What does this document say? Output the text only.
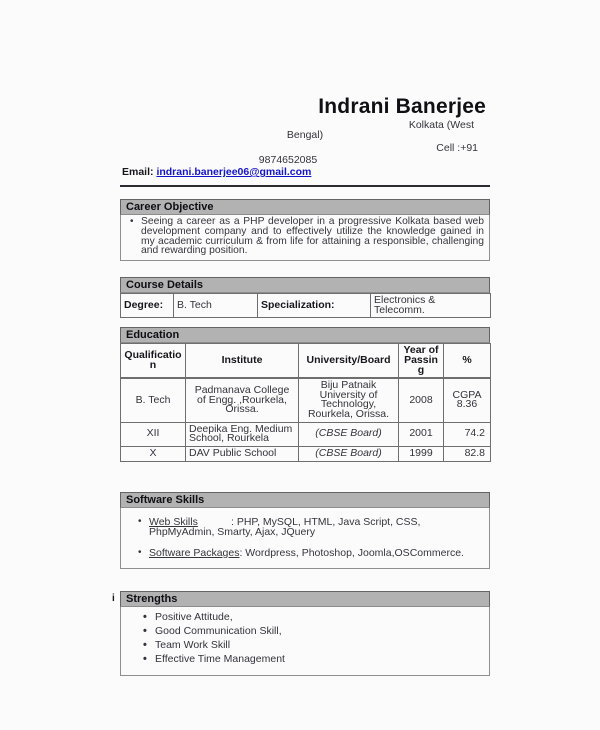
Indrani Banerjee
Kolkata (West
Bengal)
Cell :+91
9874652085
Email: indrani.banerjee06@gmail.com
Career Objective
• Seeing a career as a PHP developer in a progressive Kolkata based web development company and to effectively utilize the knowledge gained in my academic curriculum & from life for attaining a responsible, challenging and rewarding position.
Course Details
Degree:	B. Tech	Specialization:	Electronics & Telecomm.
Education
Qualification	Institute	University/Board	Year of Passing	%
B. Tech	Padmanava College of Engg. ,Rourkela, Orissa.	Biju Patnaik University of Technology, Rourkela, Orissa.	2008	CGPA 8.36
XII	Deepika Eng. Medium School, Rourkela	(CBSE Board)	2001	74.2
X	DAV Public School	(CBSE Board)	1999	82.8
Software Skills
• Web Skills	: PHP, MySQL, HTML, Java Script, CSS, PhpMyAdmin, Smarty, Ajax, JQuery
• Software Packages: Wordpress, Photoshop, Joomla,OSCommerce.
i Strengths
• Positive Attitude,
• Good Communication Skill,
• Team Work Skill
• Effective Time Management
